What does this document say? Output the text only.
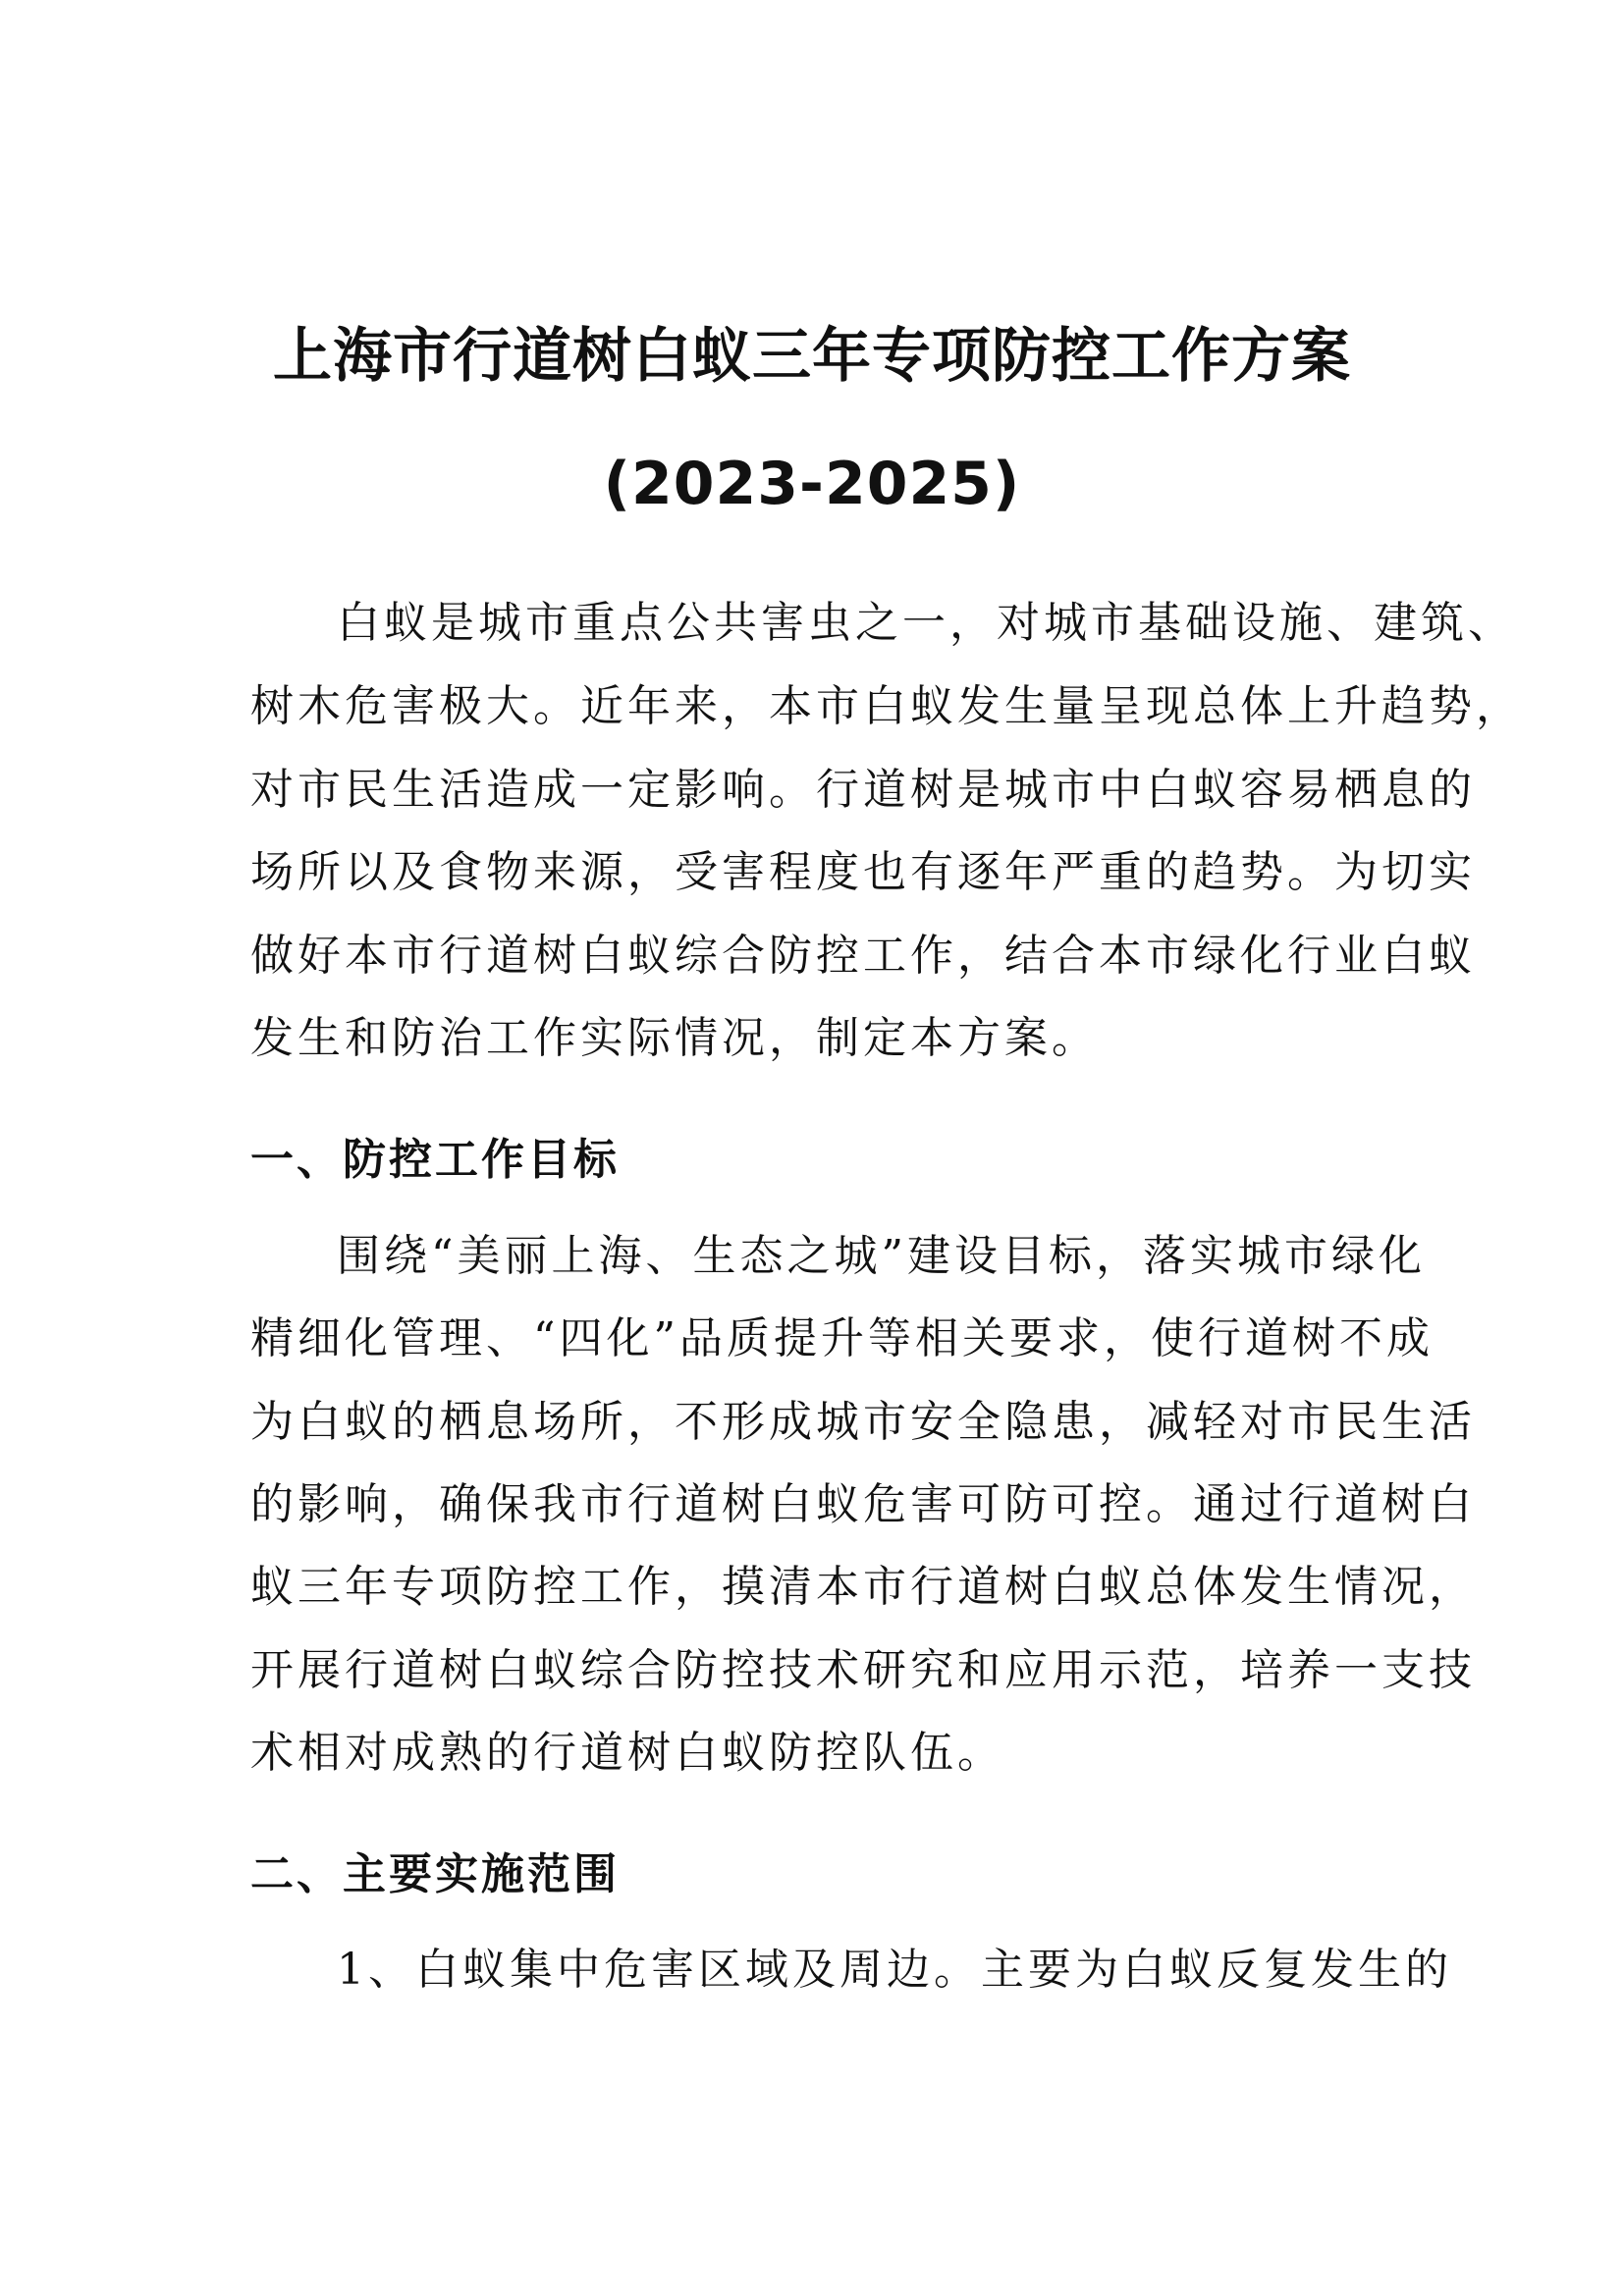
上海市行道树白蚁三年专项防控工作方案
(2023-2025)
白蚁是城市重点公共害虫之一，对城市基础设施、建筑、
树木危害极大。近年来，本市白蚁发生量呈现总体上升趋势，
对市民生活造成一定影响。行道树是城市中白蚁容易栖息的
场所以及食物来源，受害程度也有逐年严重的趋势。为切实
做好本市行道树白蚁综合防控工作，结合本市绿化行业白蚁
发生和防治工作实际情况，制定本方案。
一、防控工作目标
围绕“美丽上海、生态之城”建设目标，落实城市绿化
精细化管理、“四化”品质提升等相关要求，使行道树不成
为白蚁的栖息场所，不形成城市安全隐患，减轻对市民生活
的影响，确保我市行道树白蚁危害可防可控。通过行道树白
蚁三年专项防控工作，摸清本市行道树白蚁总体发生情况，
开展行道树白蚁综合防控技术研究和应用示范，培养一支技
术相对成熟的行道树白蚁防控队伍。
二、主要实施范围
1、白蚁集中危害区域及周边。主要为白蚁反复发生的
